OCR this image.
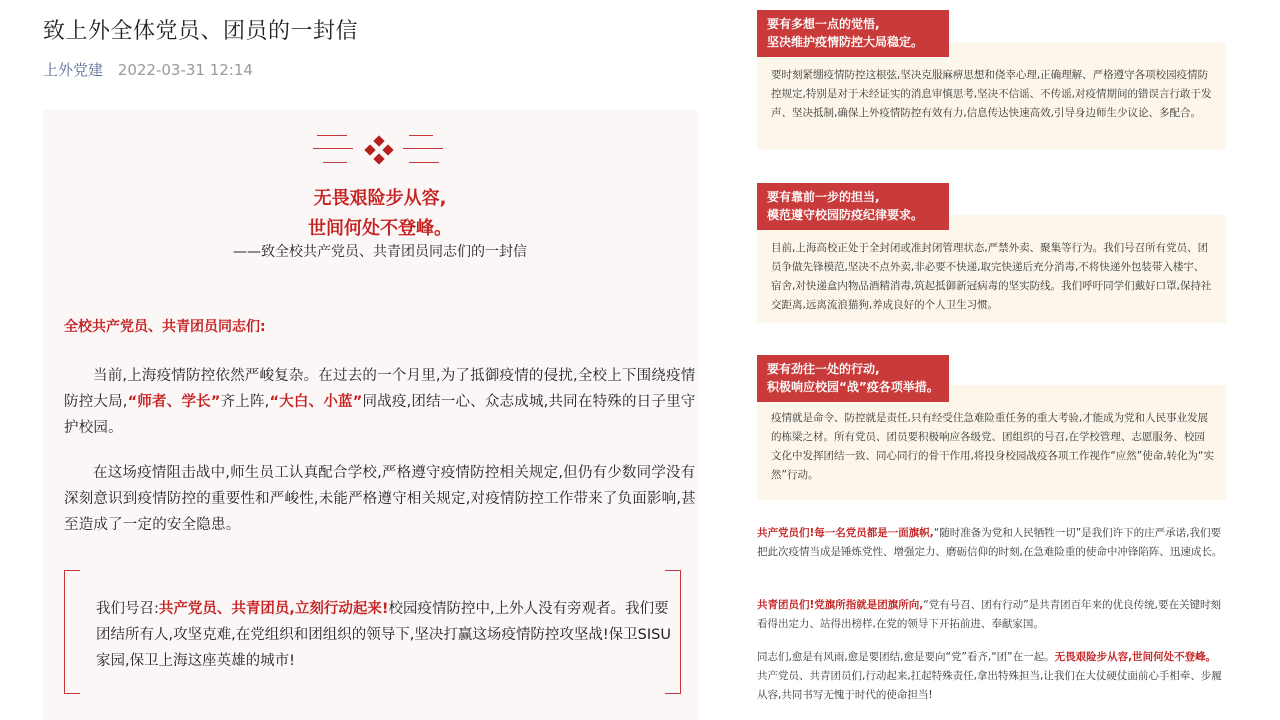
致上外全体党员、团员的一封信
上外党建 2022-03-31 12:14
无畏艰险步从容,
世间何处不登峰。
——致全校共产党员、共青团员同志们的一封信
全校共产党员、共青团员同志们:

当前,上海疫情防控依然严峻复杂。在过去的一个月里,为了抵御疫情的侵扰,全校上下围绕疫情防控大局,“师者、学长”齐上阵,“大白、小蓝”同战疫,团结一心、众志成城,共同在特殊的日子里守护校园。

在这场疫情阻击战中,师生员工认真配合学校,严格遵守疫情防控相关规定,但仍有少数同学没有深刻意识到疫情防控的重要性和严峻性,未能严格遵守相关规定,对疫情防控工作带来了负面影响,甚至造成了一定的安全隐患。

我们号召:共产党员、共青团员,立刻行动起来!校园疫情防控中,上外人没有旁观者。我们要团结所有人,攻坚克难,在党组织和团组织的领导下,坚决打赢这场疫情防控攻坚战!保卫SISU家园,保卫上海这座英雄的城市!

要有多想一点的觉悟,
坚决维护疫情防控大局稳定。

要时刻紧绷疫情防控这根弦,坚决克服麻痹思想和侥幸心理,正确理解、严格遵守各项校园疫情防控规定,特别是对于未经证实的消息审慎思考,坚决不信谣、不传谣,对疫情期间的错误言行敢于发声、坚决抵制,确保上外疫情防控有效有力,信息传达快速高效,引导身边师生少议论、多配合。

要有靠前一步的担当,
模范遵守校园防疫纪律要求。

目前,上海高校正处于全封闭或准封闭管理状态,严禁外卖、聚集等行为。我们号召所有党员、团员争做先锋模范,坚决不点外卖,非必要不快递,取完快递后充分消毒,不将快递外包装带入楼宇、宿舍,对快递盒内物品酒精消毒,筑起抵御新冠病毒的坚实防线。我们呼吁同学们戴好口罩,保持社交距离,远离流浪猫狗,养成良好的个人卫生习惯。

要有劲往一处的行动,
积极响应校园“战”疫各项举措。

疫情就是命令、防控就是责任,只有经受住急难险重任务的重大考验,才能成为党和人民事业发展的栋梁之材。所有党员、团员要积极响应各级党、团组织的号召,在学校管理、志愿服务、校园文化中发挥团结一致、同心同行的骨干作用,将投身校园战疫各项工作视作“应然”使命,转化为“实然”行动。

共产党员们!每一名党员都是一面旗帜,“随时准备为党和人民牺牲一切”是我们许下的庄严承诺,我们要把此次疫情当成是锤炼党性、增强定力、磨砺信仰的时刻,在急难险重的使命中冲锋陷阵、迅速成长。

共青团员们!党旗所指就是团旗所向,“党有号召、团有行动”是共青团百年来的优良传统,要在关键时刻看得出定力、站得出榜样,在党的领导下开拓前进、奉献家国。

同志们,愈是有风雨,愈是要团结,愈是要向“党”看齐,“团”在一起。无畏艰险步从容,世间何处不登峰。共产党员、共青团员们,行动起来,扛起特殊责任,拿出特殊担当,让我们在大仗硬仗面前心手相牵、步履从容,共同书写无愧于时代的使命担当!
